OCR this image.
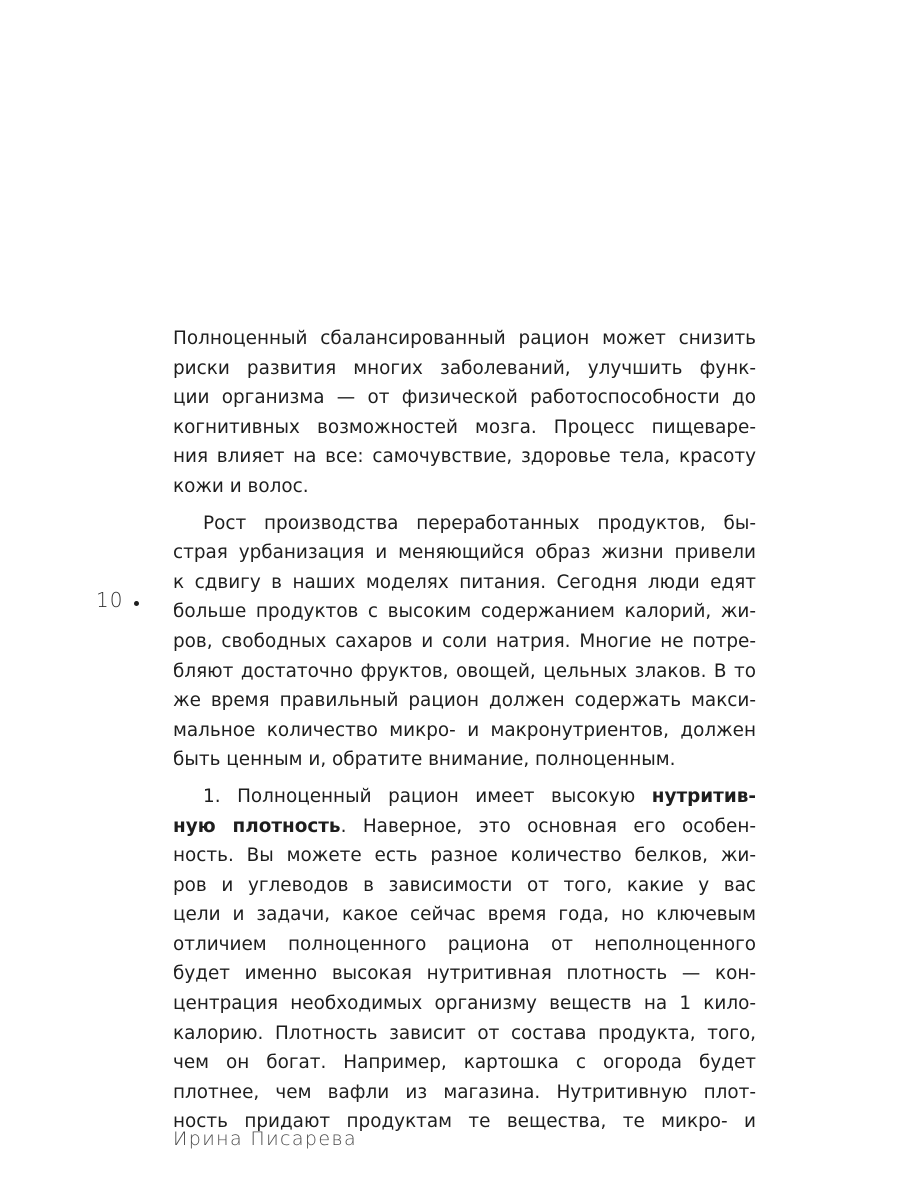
Полноценный сбалансированный рацион может снизить
риски развития многих заболеваний, улучшить функ-
ции организма — от физической работоспособности до
когнитивных возможностей мозга. Процесс пищеваре-
ния влияет на все: самочувствие, здоровье тела, красоту
кожи и волос.
Рост производства переработанных продуктов, бы-
страя урбанизация и меняющийся образ жизни привели
к сдвигу в наших моделях питания. Сегодня люди едят
больше продуктов с высоким содержанием калорий, жи-
ров, свободных сахаров и соли натрия. Многие не потре-
бляют достаточно фруктов, овощей, цельных злаков. В то
же время правильный рацион должен содержать макси-
мальное количество микро- и макронутриентов, должен
быть ценным и, обратите внимание, полноценным.
1. Полноценный рацион имеет высокую нутритив-
ную плотность. Наверное, это основная его особен-
ность. Вы можете есть разное количество белков, жи-
ров и углеводов в зависимости от того, какие у вас
цели и задачи, какое сейчас время года, но ключевым
отличием полноценного рациона от неполноценного
будет именно высокая нутритивная плотность — кон-
центрация необходимых организму веществ на 1 кило-
калорию. Плотность зависит от состава продукта, того,
чем он богат. Например, картошка с огорода будет
плотнее, чем вафли из магазина. Нутритивную плот-
ность придают продуктам те вещества, те микро- и
10
Ирина Писарева
